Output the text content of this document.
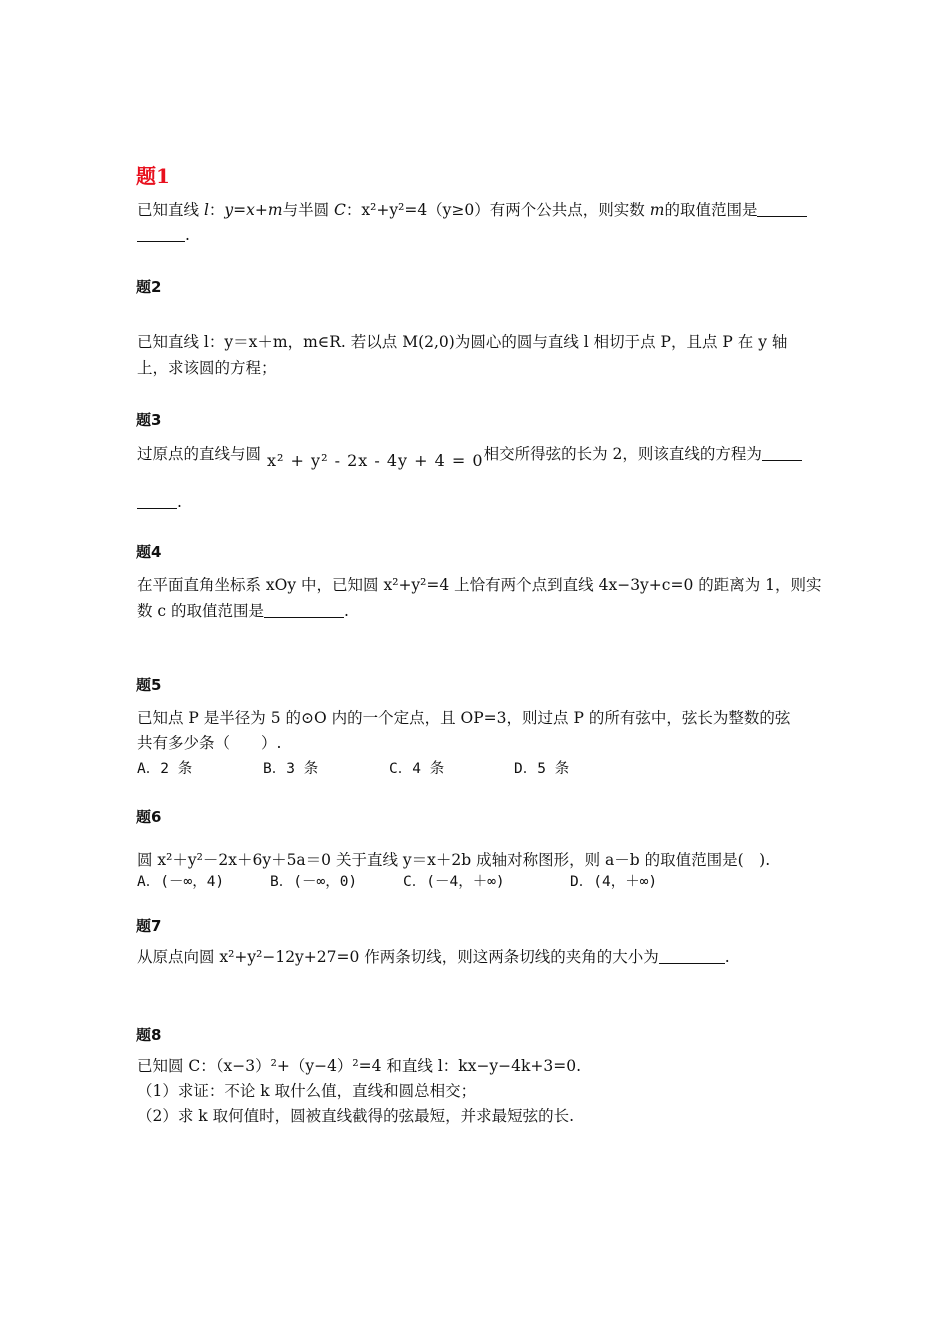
题1
已知直线 l：y=x+m与半圆 C：x²+y²=4（y≥0）有两个公共点，则实数 m的取值范围是
.
题2
已知直线 l：y＝x＋m，m∈R. 若以点 M(2,0)为圆心的圆与直线 l 相切于点 P，且点 P 在 y 轴
上，求该圆的方程；
题3
过原点的直线与圆 x² + y² - 2x - 4y + 4 = 0相交所得弦的长为 2，则该直线的方程为
.
题4
在平面直角坐标系 xOy 中，已知圆 x²+y²=4 上恰有两个点到直线 4x−3y+c=0 的距离为 1，则实
数 c 的取值范围是	.
题5
已知点 P 是半径为 5 的⊙O 内的一个定点，且 OP=3，则过点 P 的所有弦中，弦长为整数的弦
共有多少条（　　）.
A．2 条	B．3 条	C．4 条	D．5 条
题6
圆 x²＋y²－2x＋6y＋5a＝0 关于直线 y＝x＋2b 成轴对称图形，则 a－b 的取值范围是(　).
A．(－∞，4)	B．(－∞，0)	C．(－4，＋∞)	D．(4，＋∞)
题7
从原点向圆 x²+y²−12y+27=0 作两条切线，则这两条切线的夹角的大小为	.
题8
已知圆 C：（x−3）²+（y−4）²=4 和直线 l：kx−y−4k+3=0.
（1）求证：不论 k 取什么值，直线和圆总相交；
（2）求 k 取何值时，圆被直线截得的弦最短，并求最短弦的长.
